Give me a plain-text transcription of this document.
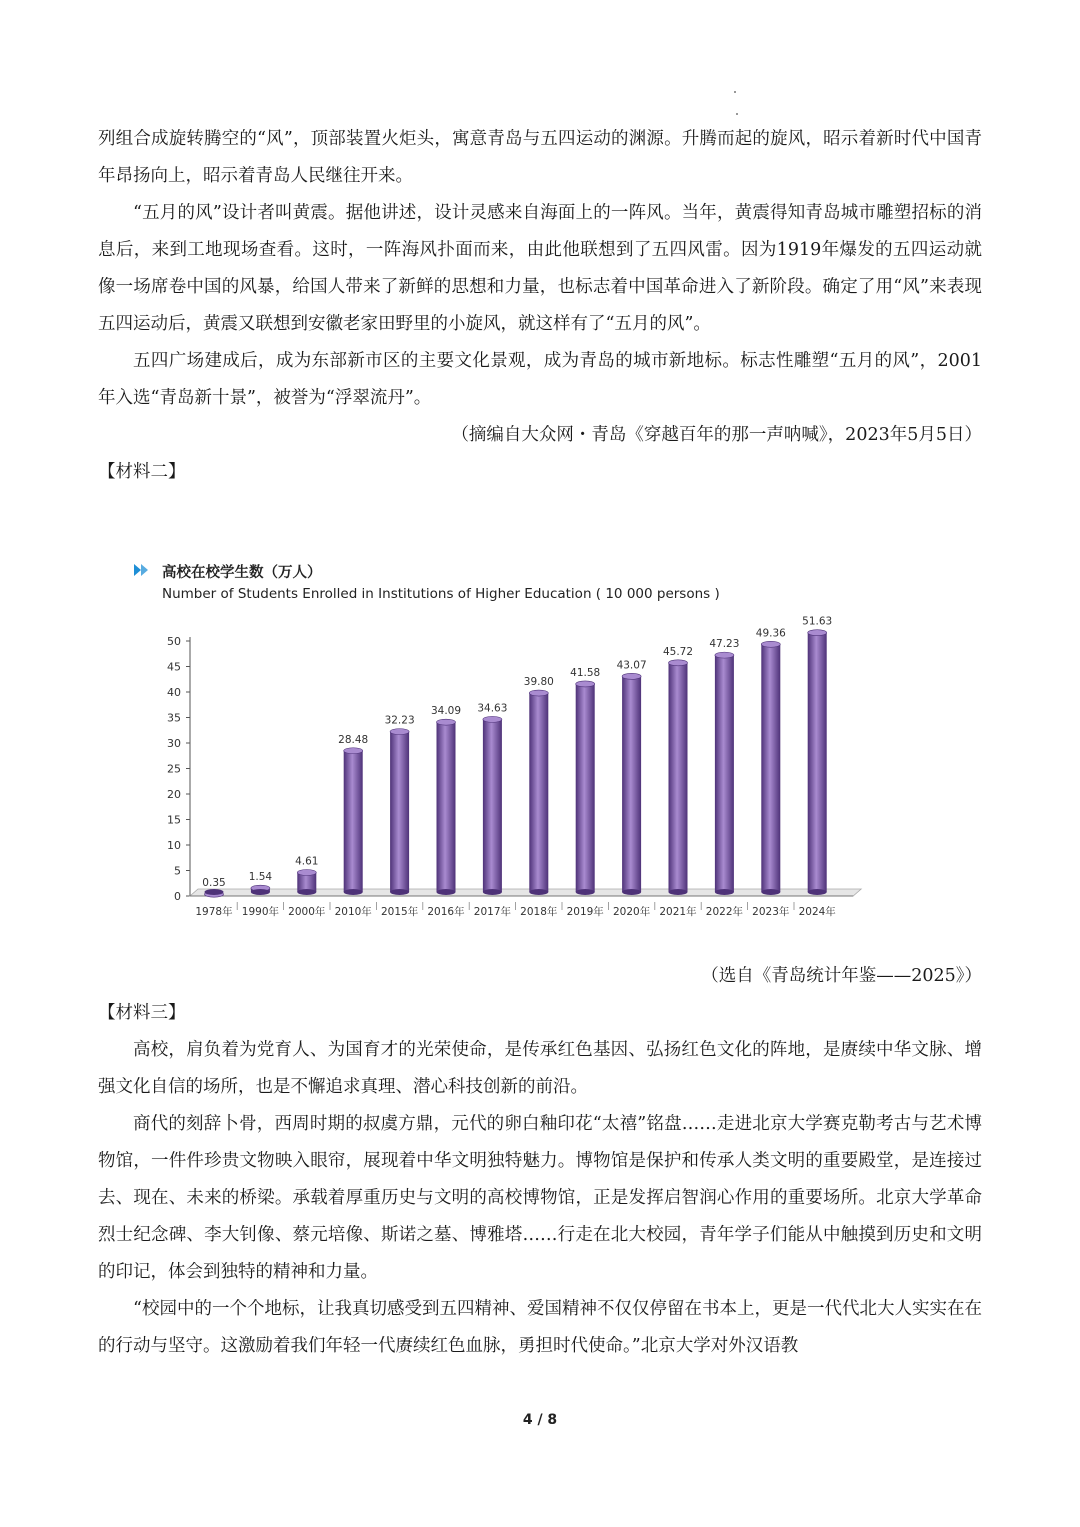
列组合成旋转腾空的“风”，顶部装置火炬头，寓意青岛与五四运动的渊源。升腾而起的旋风，昭示着新时代中国青年昂扬向上，昭示着青岛人民继往开来。

“五月的风”设计者叫黄震。据他讲述，设计灵感来自海面上的一阵风。当年，黄震得知青岛城市雕塑招标的消息后，来到工地现场查看。这时，一阵海风扑面而来，由此他联想到了五四风雷。因为1919年爆发的五四运动就像一场席卷中国的风暴，给国人带来了新鲜的思想和力量，也标志着中国革命进入了新阶段。确定了用“风”来表现五四运动后，黄震又联想到安徽老家田野里的小旋风，就这样有了“五月的风”。

五四广场建成后，成为东部新市区的主要文化景观，成为青岛的城市新地标。标志性雕塑“五月的风”，2001年入选“青岛新十景”，被誉为“浮翠流丹”。

（摘编自大众网・青岛《穿越百年的那一声呐喊》，2023年5月5日）

【材料二】

高校在校学生数（万人）
Number of Students Enrolled in Institutions of Higher Education ( 10 000 persons )
0
5
10
15
20
25
30
35
40
45
50
0.35
1978年
1.54
1990年
4.61
2000年
28.48
2010年
32.23
2015年
34.09
2016年
34.63
2017年
39.80
2018年
41.58
2019年
43.07
2020年
45.72
2021年
47.23
2022年
49.36
2023年
51.63
2024年

（选自《青岛统计年鉴——2025》）

【材料三】

高校，肩负着为党育人、为国育才的光荣使命，是传承红色基因、弘扬红色文化的阵地，是赓续中华文脉、增强文化自信的场所，也是不懈追求真理、潜心科技创新的前沿。

商代的刻辞卜骨，西周时期的叔虞方鼎，元代的卵白釉印花“太禧”铭盘……走进北京大学赛克勒考古与艺术博物馆，一件件珍贵文物映入眼帘，展现着中华文明独特魅力。博物馆是保护和传承人类文明的重要殿堂，是连接过去、现在、未来的桥梁。承载着厚重历史与文明的高校博物馆，正是发挥启智润心作用的重要场所。北京大学革命烈士纪念碑、李大钊像、蔡元培像、斯诺之墓、博雅塔……行走在北大校园，青年学子们能从中触摸到历史和文明的印记，体会到独特的精神和力量。

“校园中的一个个地标，让我真切感受到五四精神、爱国精神不仅仅停留在书本上，更是一代代北大人实实在在的行动与坚守。这激励着我们年轻一代赓续红色血脉，勇担时代使命。”北京大学对外汉语教

4 / 8
